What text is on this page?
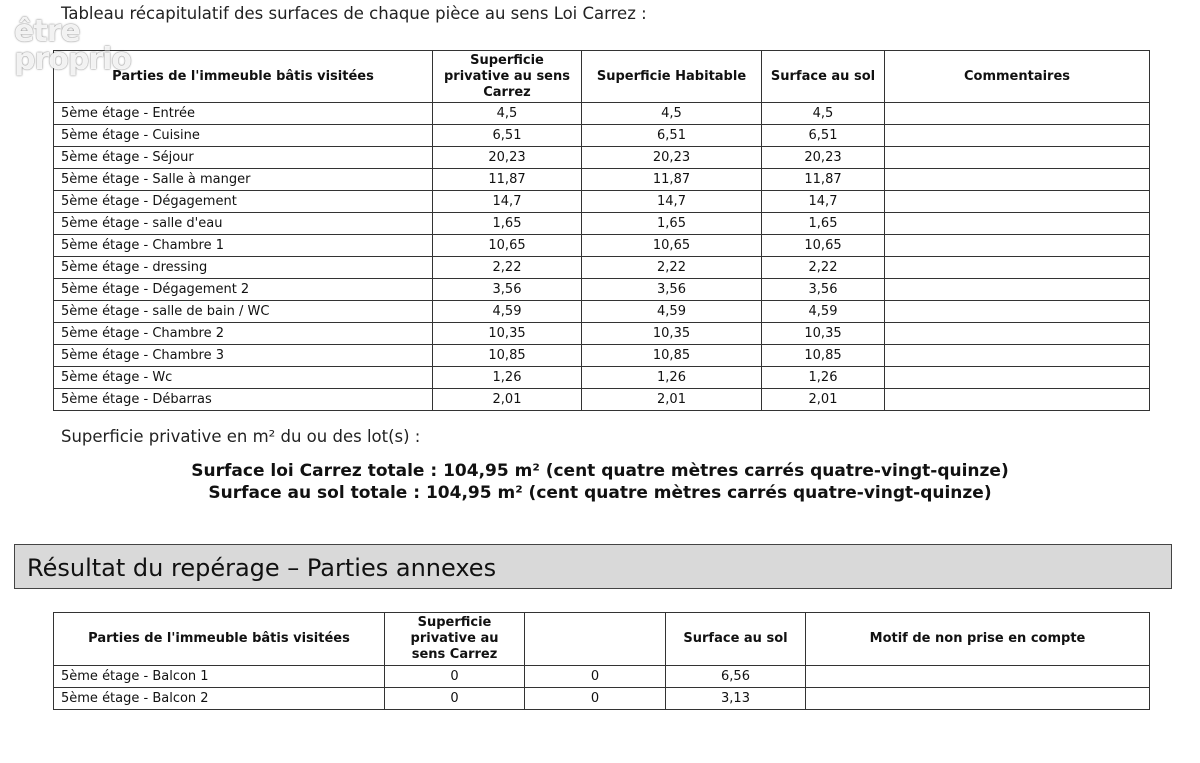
être
proprio
Tableau récapitulatif des surfaces de chaque pièce au sens Loi Carrez :
Parties de l'immeuble bâtis visitées	Superficie privative au sens Carrez	Superficie Habitable	Surface au sol	Commentaires
5ème étage - Entrée	4,5	4,5	4,5	
5ème étage - Cuisine	6,51	6,51	6,51	
5ème étage - Séjour	20,23	20,23	20,23	
5ème étage - Salle à manger	11,87	11,87	11,87	
5ème étage - Dégagement	14,7	14,7	14,7	
5ème étage - salle d'eau	1,65	1,65	1,65	
5ème étage - Chambre 1	10,65	10,65	10,65	
5ème étage - dressing	2,22	2,22	2,22	
5ème étage - Dégagement 2	3,56	3,56	3,56	
5ème étage - salle de bain / WC	4,59	4,59	4,59	
5ème étage - Chambre 2	10,35	10,35	10,35	
5ème étage - Chambre 3	10,85	10,85	10,85	
5ème étage - Wc	1,26	1,26	1,26	
5ème étage - Débarras	2,01	2,01	2,01	
Superficie privative en m² du ou des lot(s) :
Surface loi Carrez totale : 104,95 m² (cent quatre mètres carrés quatre-vingt-quinze)
Surface au sol totale : 104,95 m² (cent quatre mètres carrés quatre-vingt-quinze)
Résultat du repérage – Parties annexes
Parties de l'immeuble bâtis visitées	Superficie privative au sens Carrez		Surface au sol	Motif de non prise en compte
5ème étage - Balcon 1	0	0	6,56	
5ème étage - Balcon 2	0	0	3,13	
